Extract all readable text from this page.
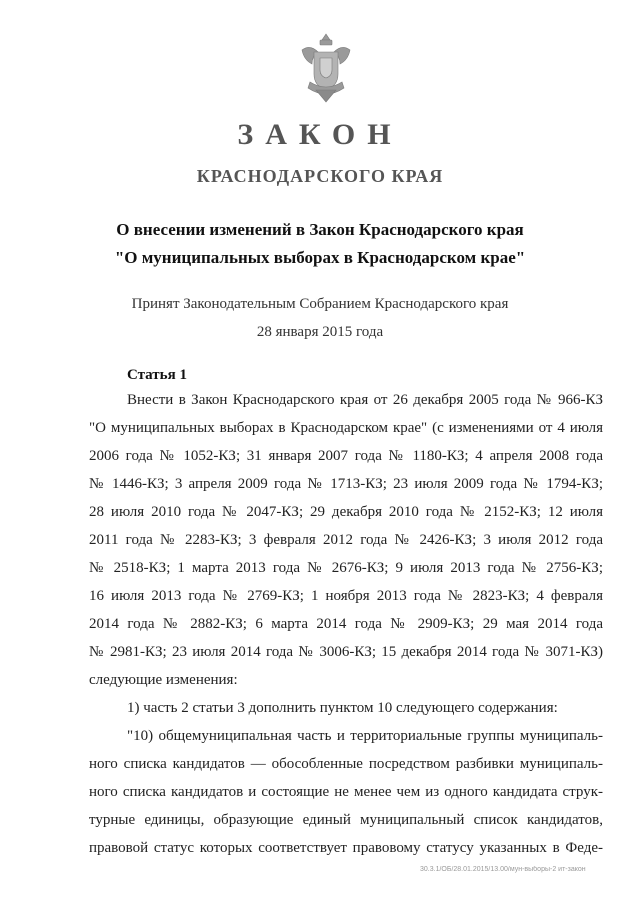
ЗАКОН
КРАСНОДАРСКОГО КРАЯ
О внесении изменений в Закон Краснодарского края
"О муниципальных выборах в Краснодарском крае"
Принят Законодательным Собранием Краснодарского края
28 января 2015 года
Статья 1
Внести в Закон Краснодарского края от 26 декабря 2005 года № 966-КЗ
"О муниципальных выборах в Краснодарском крае" (с изменениями от 4 июля
2006 года № 1052-КЗ; 31 января 2007 года № 1180-КЗ; 4 апреля 2008 года
№ 1446-КЗ; 3 апреля 2009 года № 1713-КЗ; 23 июля 2009 года № 1794-КЗ;
28 июля 2010 года № 2047-КЗ; 29 декабря 2010 года № 2152-КЗ; 12 июля
2011 года № 2283-КЗ; 3 февраля 2012 года № 2426-КЗ; 3 июля 2012 года
№ 2518-КЗ; 1 марта 2013 года № 2676-КЗ; 9 июля 2013 года № 2756-КЗ;
16 июля 2013 года № 2769-КЗ; 1 ноября 2013 года № 2823-КЗ; 4 февраля
2014 года № 2882-КЗ; 6 марта 2014 года № 2909-КЗ; 29 мая 2014 года
№ 2981-КЗ; 23 июля 2014 года № 3006-КЗ; 15 декабря 2014 года № 3071-КЗ)
следующие изменения:
1) часть 2 статьи 3 дополнить пунктом 10 следующего содержания:
"10) общемуниципальная часть и территориальные группы муниципаль-
ного списка кандидатов — обособленные посредством разбивки муниципаль-
ного списка кандидатов и состоящие не менее чем из одного кандидата струк-
турные единицы, образующие единый муниципальный список кандидатов,
правовой статус которых соответствует правовому статусу указанных в Феде-
30.3.1/ОБ/28.01.2015/13.00/мун-выборы-2 ит-закон
